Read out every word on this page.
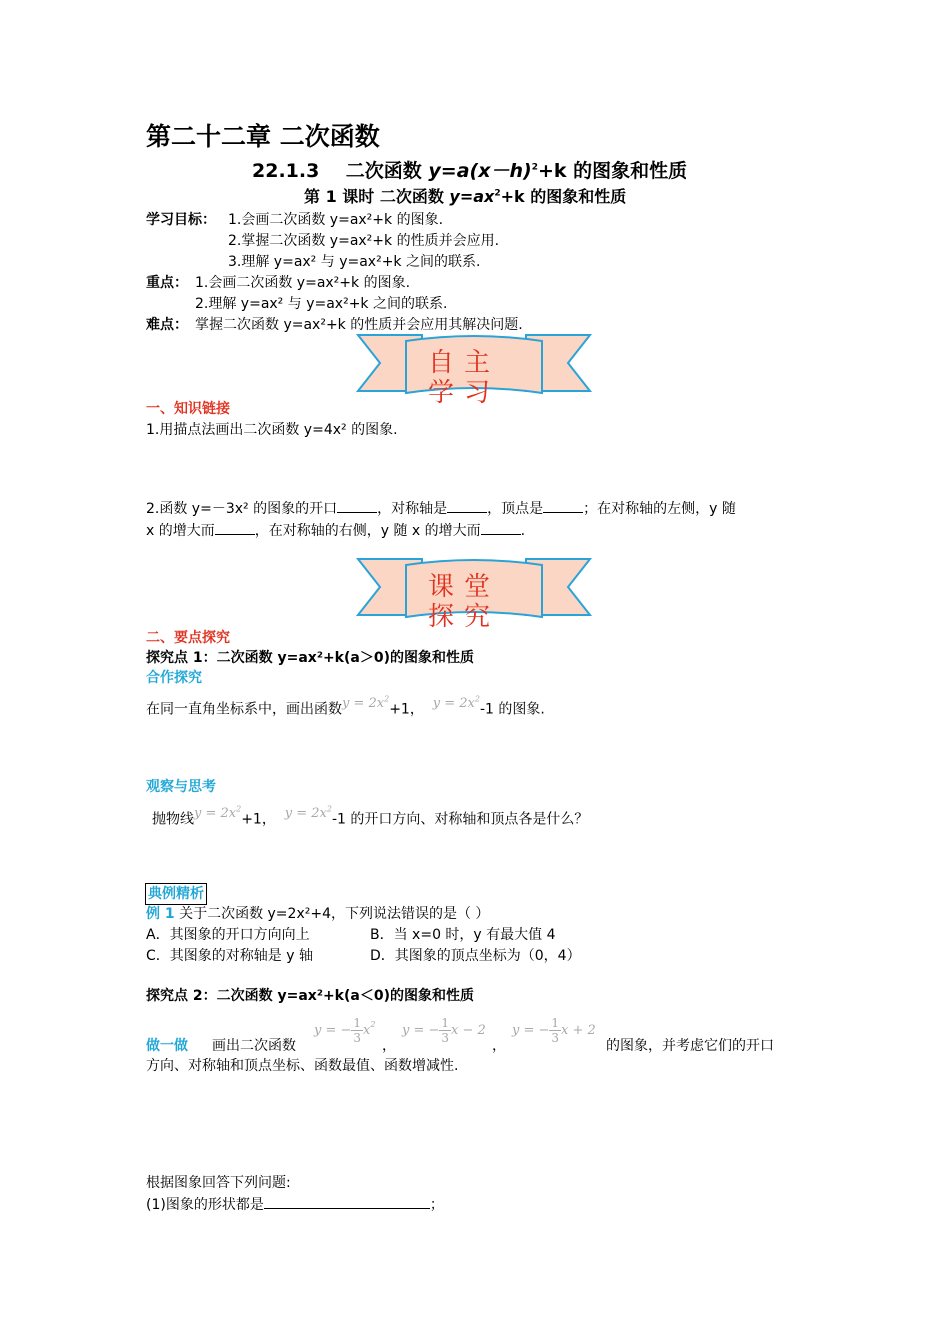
第二十二章 二次函数
22.1.3 二次函数 $y=a(x-h)^2+k$ 的图象和性质
第 1 课时 二次函数 $y=ax^2+k$ 的图象和性质
学习目标： 1.会画二次函数 y=ax²+k 的图象.
2.掌握二次函数 y=ax²+k 的性质并会应用.
3.理解 y=ax² 与 y=ax²+k 之间的联系.
重点： 1.会画二次函数 y=ax²+k 的图象.
2.理解 y=ax² 与 y=ax²+k 之间的联系.
难点： 掌握二次函数 y=ax²+k 的性质并会应用其解决问题.
自主学习
一、知识链接
1.用描点法画出二次函数 y=4x² 的图象.
2.函数 y=－3x² 的图象的开口	，对称轴是	，顶点是	；在对称轴的左侧，y 随
x 的增大而	，在对称轴的右侧，y 随 x 的增大而	.
课堂探究
二、要点探究
探究点 1：二次函数 y=ax²+k(a＞0)的图象和性质
合作探究
在同一直角坐标系中，画出函数$y = 2x^2+1$， $y = 2x^2-1$ 的图象.
观察与思考
抛物线$y = 2x^2+1$， $y = 2x^2-1$ 的开口方向、对称轴和顶点各是什么？
典例精析
例 1 关于二次函数 y=2x²+4，下列说法错误的是（ ）
A．其图象的开口方向向上	B．当 x=0 时，y 有最大值 4
C．其图象的对称轴是 y 轴	D．其图象的顶点坐标为（0，4）
探究点 2：二次函数 y=ax²+k(a＜0)的图象和性质
做一做 画出二次函数
y = − $\frac{1}{3}$ x 2
，
y = − $\frac{1}{3}$ x − 2
，
y = − $\frac{1}{3}$ x + 2
的图象，并考虑它们的开口
方向、对称轴和顶点坐标、函数最值、函数增减性.
根据图象回答下列问题:
(1)图象的形状都是	；
